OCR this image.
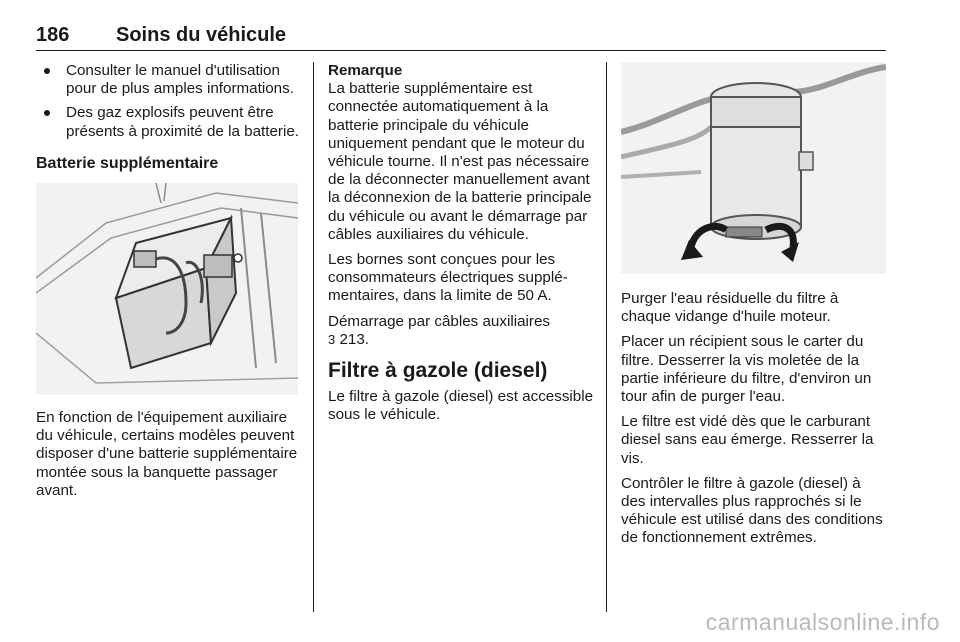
186 Soins du véhicule
Consulter le manuel d'utilisation pour de plus amples informations.
Des gaz explosifs peuvent être présents à proximité de la batterie.
Batterie supplémentaire

En fonction de l'équipement auxiliaire du véhicule, certains modèles peuvent disposer d'une batterie supplémentaire montée sous la banquette passager avant.

Remarque

La batterie supplémentaire est connectée automatiquement à la batterie principale du véhicule uniquement pendant que le moteur du véhicule tourne. Il n'est pas nécessaire de la déconnecter manuellement avant la déconnexion de la batterie principale du véhicule ou avant le démarrage par câbles auxiliaires du véhicule.

Les bornes sont conçues pour les consommateurs électriques supplémentaires, dans la limite de 50 A.

Démarrage par câbles auxiliaires
3 213.

Filtre à gazole (diesel)

Le filtre à gazole (diesel) est accessible sous le véhicule.

Purger l'eau résiduelle du filtre à chaque vidange d'huile moteur.

Placer un récipient sous le carter du filtre. Desserrer la vis moletée de la partie inférieure du filtre, d'environ un tour afin de purger l'eau.

Le filtre est vidé dès que le carburant diesel sans eau émerge. Resserrer la vis.

Contrôler le filtre à gazole (diesel) à des intervalles plus rapprochés si le véhicule est utilisé dans des conditions de fonctionnement extrêmes.

carmanualsonline.info
